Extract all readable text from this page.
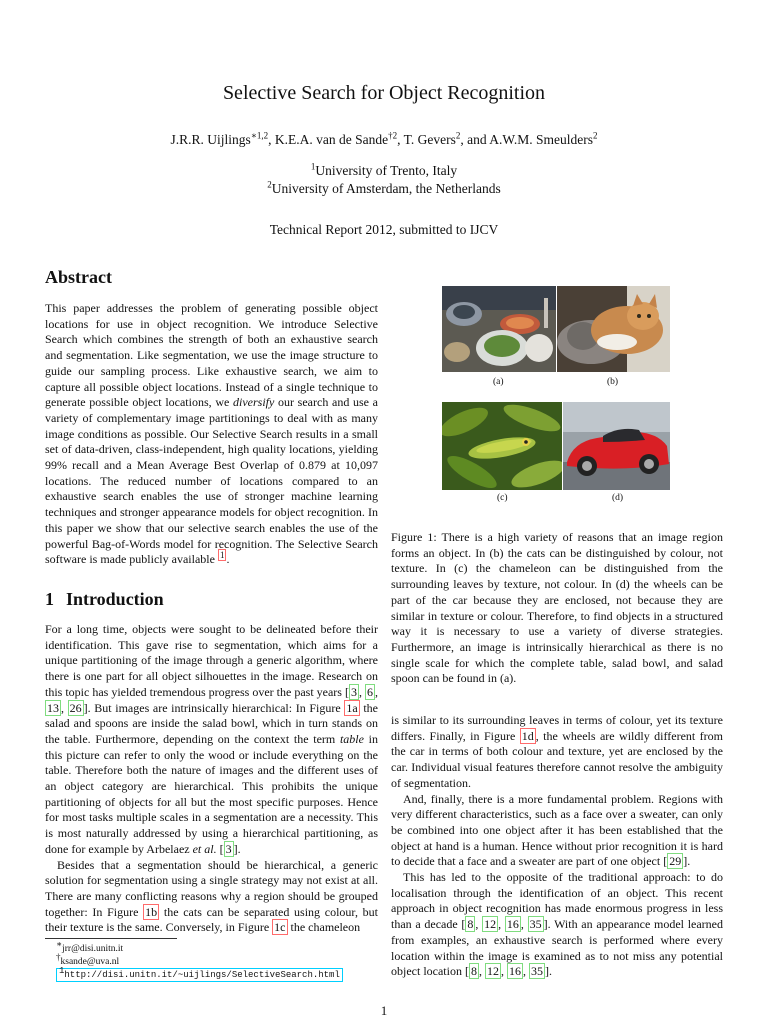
Selective Search for Object Recognition
J.R.R. Uijlings$^{∗1,2}$, K.E.A. van de Sande$^{\dagger 2}$, T. Gevers$^2$, and A.W.M. Smeulders$^2$
$^1$University of Trento, Italy
$^2$University of Amsterdam, the Netherlands
Technical Report 2012, submitted to IJCV
Abstract

This paper addresses the problem of generating possible object locations for use in object recognition. We introduce Selective Search which combines the strength of both an exhaustive search and segmentation. Like segmentation, we use the image structure to guide our sampling process. Like exhaustive search, we aim to capture all possible object locations. Instead of a single technique to generate possible object locations, we diversify our search and use a variety of complementary image partitionings to deal with as many image conditions as possible. Our Selective Search results in a small set of data-driven, class-independent, high quality locations, yielding 99% recall and a Mean Average Best Overlap of 0.879 at 10,097 locations. The reduced number of locations compared to an exhaustive search enables the use of stronger machine learning techniques and stronger appearance models for object recognition. In this paper we show that our selective search enables the use of the powerful Bag-of-Words model for recognition. The Selective Search software is made publicly available $^1$ .

1 Introduction

For a long time, objects were sought to be delineated before their identification. This gave rise to segmentation, which aims for a unique partitioning of the image through a generic algorithm, where there is one part for all object silhouettes in the image. Research on this topic has yielded tremendous progress over the past years [ 3 , 6 , 13 , 26 ]. But images are intrinsically hierarchical: In Figure 1a the salad and spoons are inside the salad bowl, which in turn stands on the table. Furthermore, depending on the context the term table in this picture can refer to only the wood or include everything on the table. Therefore both the nature of images and the different uses of an object category are hierarchical. This prohibits the unique partitioning of objects for all but the most specific purposes. Hence for most tasks multiple scales in a segmentation are a necessity. This is most naturally addressed by using a hierarchical partitioning, as done for example by Arbelaez et al. [ 3 ].

Besides that a segmentation should be hierarchical, a generic solution for segmentation using a single strategy may not exist at all. There are many conflicting reasons why a region should be grouped together: In Figure 1b the cats can be separated using colour, but their texture is the same. Conversely, in Figure 1c the chameleon

(a)	(b)
(c)	(d)

Figure 1: There is a high variety of reasons that an image region forms an object. In (b) the cats can be distinguished by colour, not texture. In (c) the chameleon can be distinguished from the surrounding leaves by texture, not colour. In (d) the wheels can be part of the car because they are enclosed, not because they are similar in texture or colour. Therefore, to find objects in a structured way it is necessary to use a variety of diverse strategies. Furthermore, an image is intrinsically hierarchical as there is no single scale for which the complete table, salad bowl, and salad spoon can be found in (a).

is similar to its surrounding leaves in terms of colour, yet its texture differs. Finally, in Figure 1d , the wheels are wildly different from the car in terms of both colour and texture, yet are enclosed by the car. Individual visual features therefore cannot resolve the ambiguity of segmentation.

And, finally, there is a more fundamental problem. Regions with very different characteristics, such as a face over a sweater, can only be combined into one object after it has been established that the object at hand is a human. Hence without prior recognition it is hard to decide that a face and a sweater are part of one object [ 29 ].

This has led to the opposite of the traditional approach: to do localisation through the identification of an object. This recent approach in object recognition has made enormous progress in less than a decade [ 8 , 12 , 16 , 35 ]. With an appearance model learned from examples, an exhaustive search is performed where every location within the image is examined as to not miss any potential object location [ 8 , 12 , 16 , 35 ].

∗jrr@disi.unitn.it
†ksande@uva.nl
$^1$http://disi.unitn.it/~uijlings/SelectiveSearch.html
1
